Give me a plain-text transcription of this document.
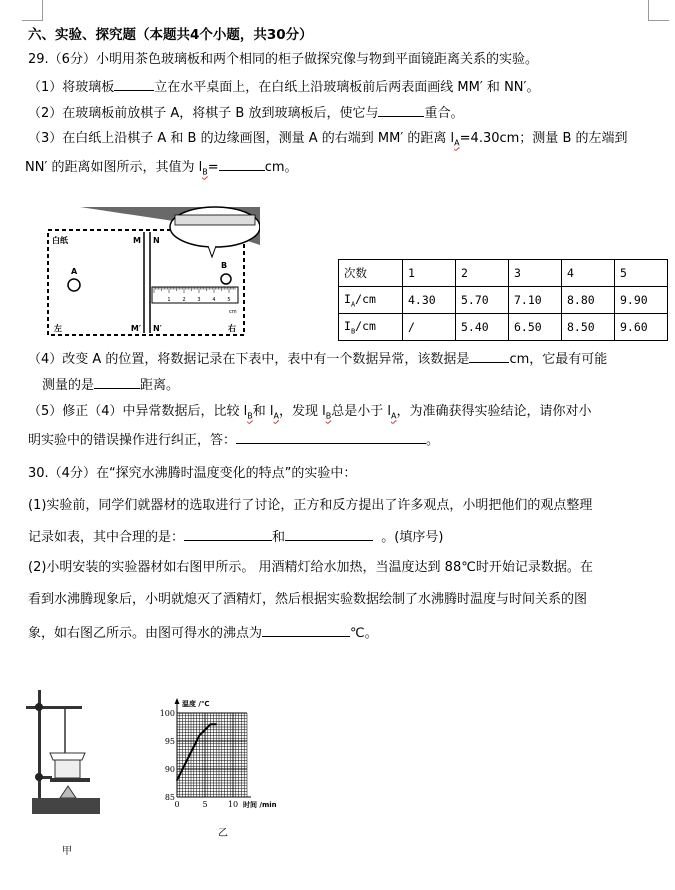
六、实验、探究题（本题共4个小题，共30分）
29.（6分）小明用茶色玻璃板和两个相同的柜子做探究像与物到平面镜距离关系的实验。
（1）将玻璃板	立在水平桌面上，在白纸上沿玻璃板前后两表面画线 MM′ 和 NN′。
（2）在玻璃板前放棋子 A，将棋子 B 放到玻璃板后，使它与	重合。
（3）在白纸上沿棋子 A 和 B 的边缘画图，测量 A 的右端到 MM′ 的距离 $l_A=4.30cm$；测量 B 的左端到
NN′ 的距离如图所示，其值为 $l_B=$	cm。
1 2 3 4 5
白纸
A
B
M N
M′ N′
左	右
cm
次数	1	2	3	4	5
$I_A/cm$	4.30	5.70	7.10	8.80	9.90
$I_B/cm$	/	5.40	6.50	8.50	9.60
（4）改变 A 的位置，将数据记录在下表中，表中有一个数据异常，该数据是	cm，它最有可能
测量的是	距离。
（5）修正（4）中异常数据后，比较 $l_B$和 $l_A$，发现 $l_B$总是小于 $l_A$，为准确获得实验结论，请你对小
明实验中的错误操作进行纠正，答：	。
30.（4分）在“探究水沸腾时温度变化的特点”的实验中：
(1)实验前，同学们就器材的选取进行了讨论，正方和反方提出了许多观点，小明把他们的观点整理
记录如表，其中合理的是：	和	。(填序号)
(2)小明安装的实验器材如右图甲所示。 用酒精灯给水加热，当温度达到 88℃时开始记录数据。在
看到水沸腾现象后，小明就熄灭了酒精灯，然后根据实验数据绘制了水沸腾时温度与时间关系的图
象，如右图乙所示。由图可得水的沸点为	℃。
甲
85
90
95
100
0	5	10
温度 /℃
时间 /min
乙
